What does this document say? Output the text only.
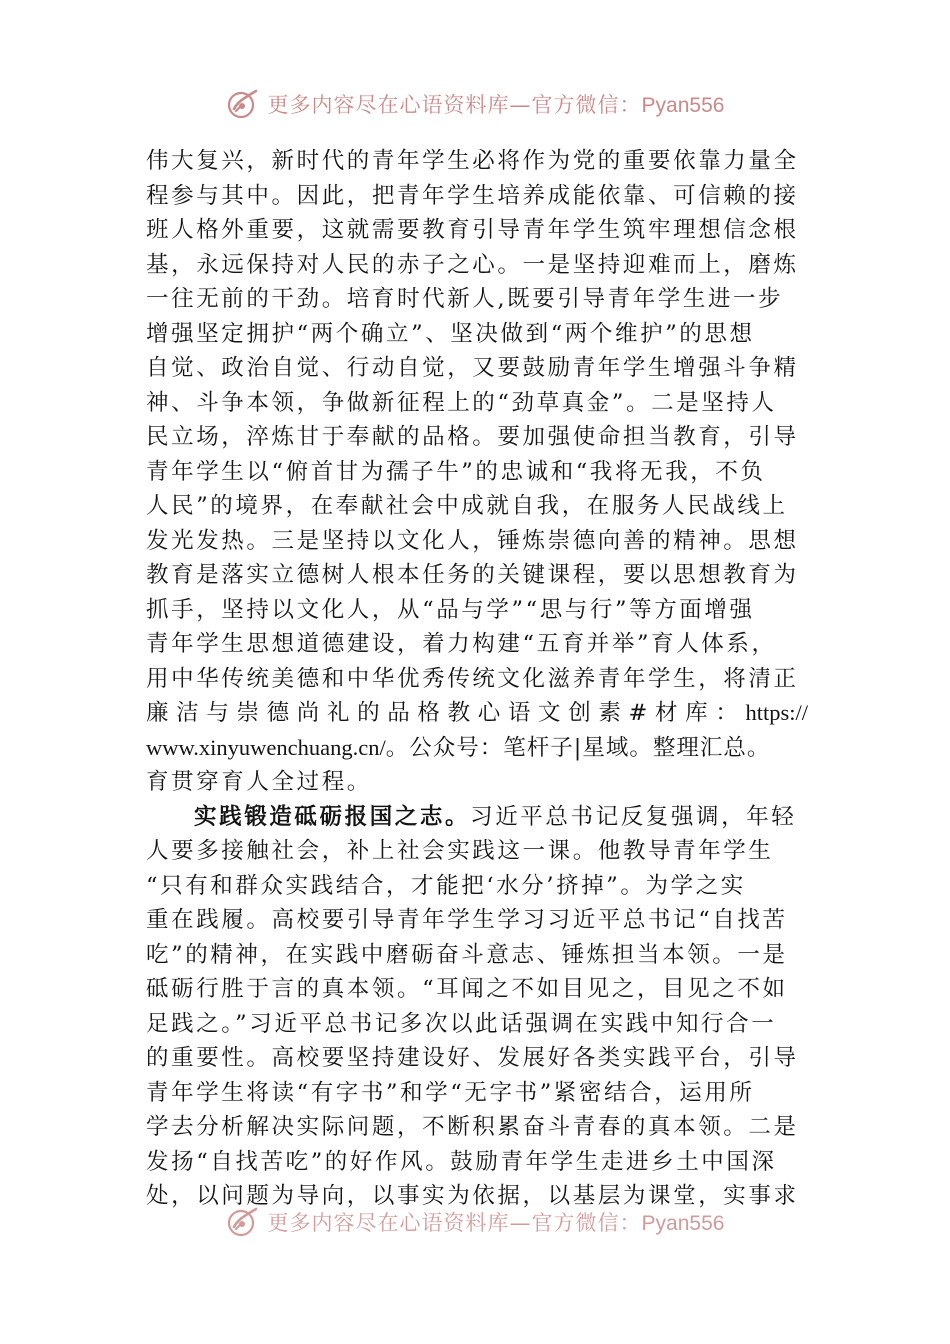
更多内容尽在心语资料库—官方微信：Pyan556
伟大复兴，新时代的青年学生必将作为党的重要依靠力量全
程参与其中。因此，把青年学生培养成能依靠、可信赖的接
班人格外重要，这就需要教育引导青年学生筑牢理想信念根
基，永远保持对人民的赤子之心。一是坚持迎难而上，磨炼
一往无前的干劲。培育时代新人,既要引导青年学生进一步
增强坚定拥护“两个确立”、坚决做到“两个维护”的思想
自觉、政治自觉、行动自觉，又要鼓励青年学生增强斗争精
神、斗争本领，争做新征程上的“劲草真金”。二是坚持人
民立场，淬炼甘于奉献的品格。要加强使命担当教育，引导
青年学生以“俯首甘为孺子牛”的忠诚和“我将无我，不负
人民”的境界，在奉献社会中成就自我，在服务人民战线上
发光发热。三是坚持以文化人，锤炼崇德向善的精神。思想
教育是落实立德树人根本任务的关键课程，要以思想教育为
抓手，坚持以文化人，从“品与学”“思与行”等方面增强
青年学生思想道德建设，着力构建“五育并举”育人体系，
用中华传统美德和中华优秀传统文化滋养青年学生，将清正
廉洁与崇德尚礼的品格教心语文创素#材库：https://
www.xinyuwenchuang.cn/。公众号：笔杆子|星域。整理汇总。
育贯穿育人全过程。
实践锻造砥砺报国之志。习近平总书记反复强调，年轻
人要多接触社会，补上社会实践这一课。他教导青年学生
“只有和群众实践结合，才能把‘水分’挤掉”。为学之实
重在践履。高校要引导青年学生学习习近平总书记“自找苦
吃”的精神，在实践中磨砺奋斗意志、锤炼担当本领。一是
砥砺行胜于言的真本领。“耳闻之不如目见之，目见之不如
足践之。”习近平总书记多次以此话强调在实践中知行合一
的重要性。高校要坚持建设好、发展好各类实践平台，引导
青年学生将读“有字书”和学“无字书”紧密结合，运用所
学去分析解决实际问题，不断积累奋斗青春的真本领。二是
发扬“自找苦吃”的好作风。鼓励青年学生走进乡土中国深
处，以问题为导向，以事实为依据，以基层为课堂，实事求
更多内容尽在心语资料库—官方微信：Pyan556
